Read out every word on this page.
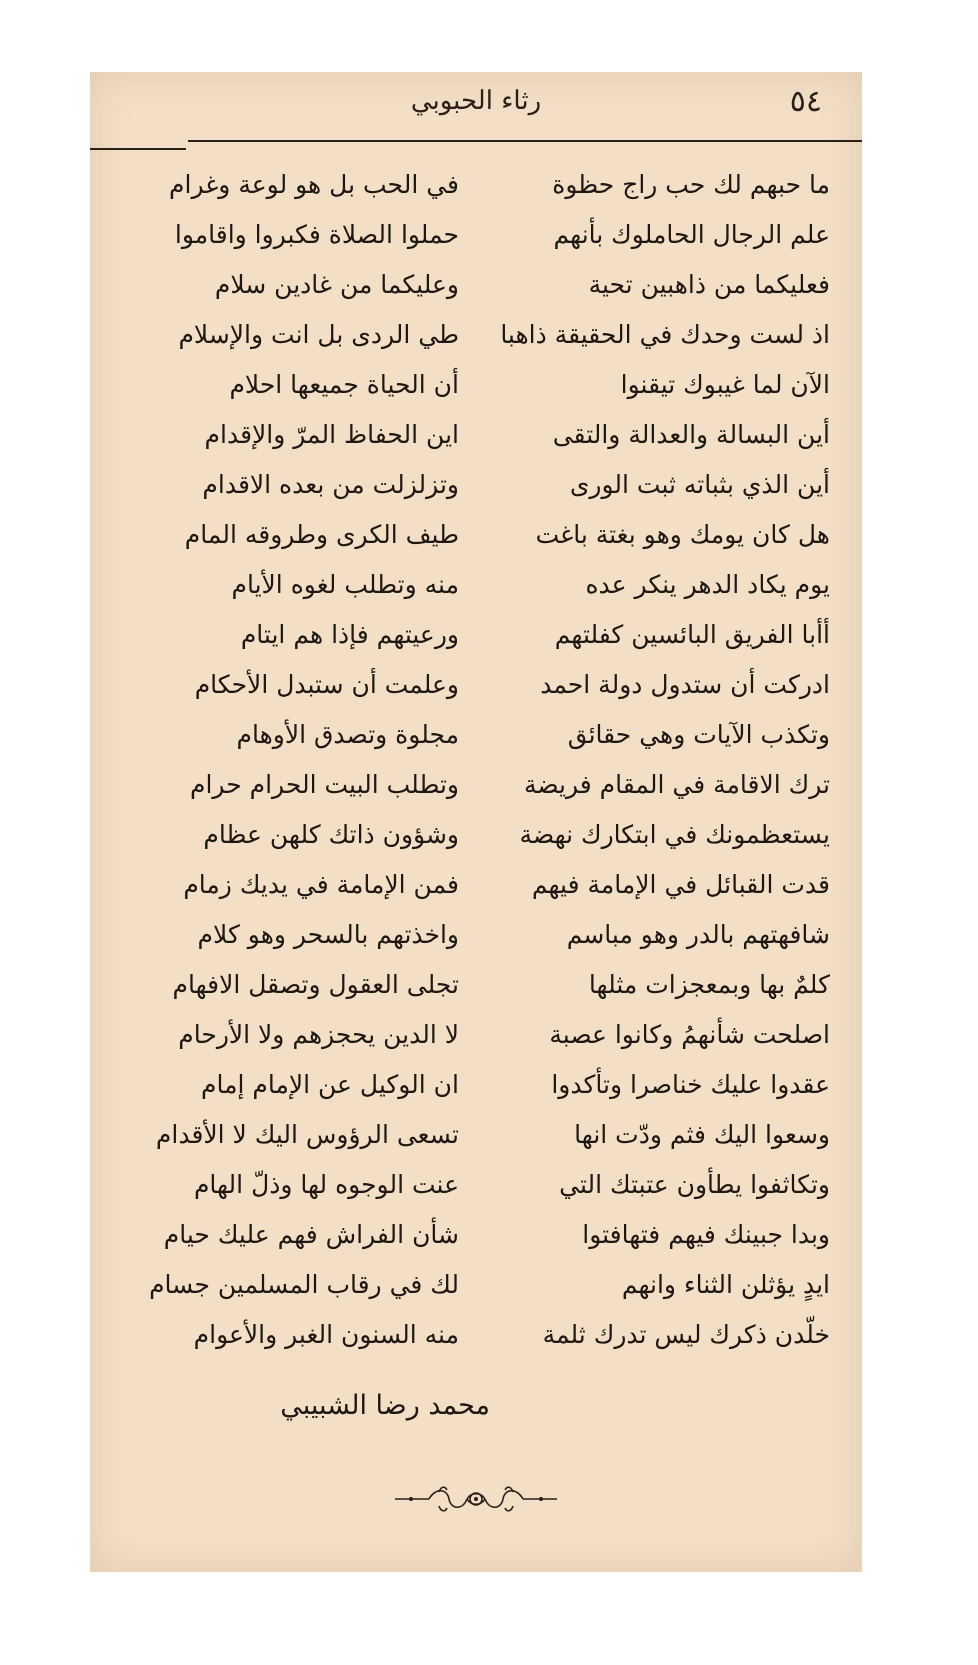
٥٤
رثاء الحبوبي
ما حبهم لك حب راج حظوة
في الحب بل هو لوعة وغرام
علم الرجال الحاملوك بأنهم
حملوا الصلاة فكبروا واقاموا
فعليكما من ذاهبين تحية
وعليكما من غادين سلام
اذ لست وحدك في الحقيقة ذاهبا
طي الردى بل انت والإسلام
الآن لما غيبوك تيقنوا
أن الحياة جميعها احلام
أين البسالة والعدالة والتقى
اين الحفاظ المرّ والإقدام
أين الذي بثباته ثبت الورى
وتزلزلت من بعده الاقدام
هل كان يومك وهو بغتة باغت
طيف الكرى وطروقه المام
يوم يكاد الدهر ينكر عده
منه وتطلب لغوه الأيام
أأبا الفريق البائسين كفلتهم
ورعيتهم فإذا هم ايتام
ادركت أن ستدول دولة احمد
وعلمت أن ستبدل الأحكام
وتكذب الآيات وهي حقائق
مجلوة وتصدق الأوهام
ترك الاقامة في المقام فريضة
وتطلب البيت الحرام حرام
يستعظمونك في ابتكارك نهضة
وشؤون ذاتك كلهن عظام
قدت القبائل في الإمامة فيهم
فمن الإمامة في يديك زمام
شافهتهم بالدر وهو مباسم
واخذتهم بالسحر وهو كلام
كلمٌ بها وبمعجزات مثلها
تجلى العقول وتصقل الافهام
اصلحت شأنهمُ وكانوا عصبة
لا الدين يحجزهم ولا الأرحام
عقدوا عليك خناصرا وتأكدوا
ان الوكيل عن الإمام إمام
وسعوا اليك فثم ودّت انها
تسعى الرؤوس اليك لا الأقدام
وتكاثفوا يطأون عتبتك التي
عنت الوجوه لها وذلّ الهام
وبدا جبينك فيهم فتهافتوا
شأن الفراش فهم عليك حيام
ايدٍ يؤثلن الثناء وانهم
لك في رقاب المسلمين جسام
خلّدن ذكرك ليس تدرك ثلمة
منه السنون الغبر والأعوام
محمد رضا الشبيبي
